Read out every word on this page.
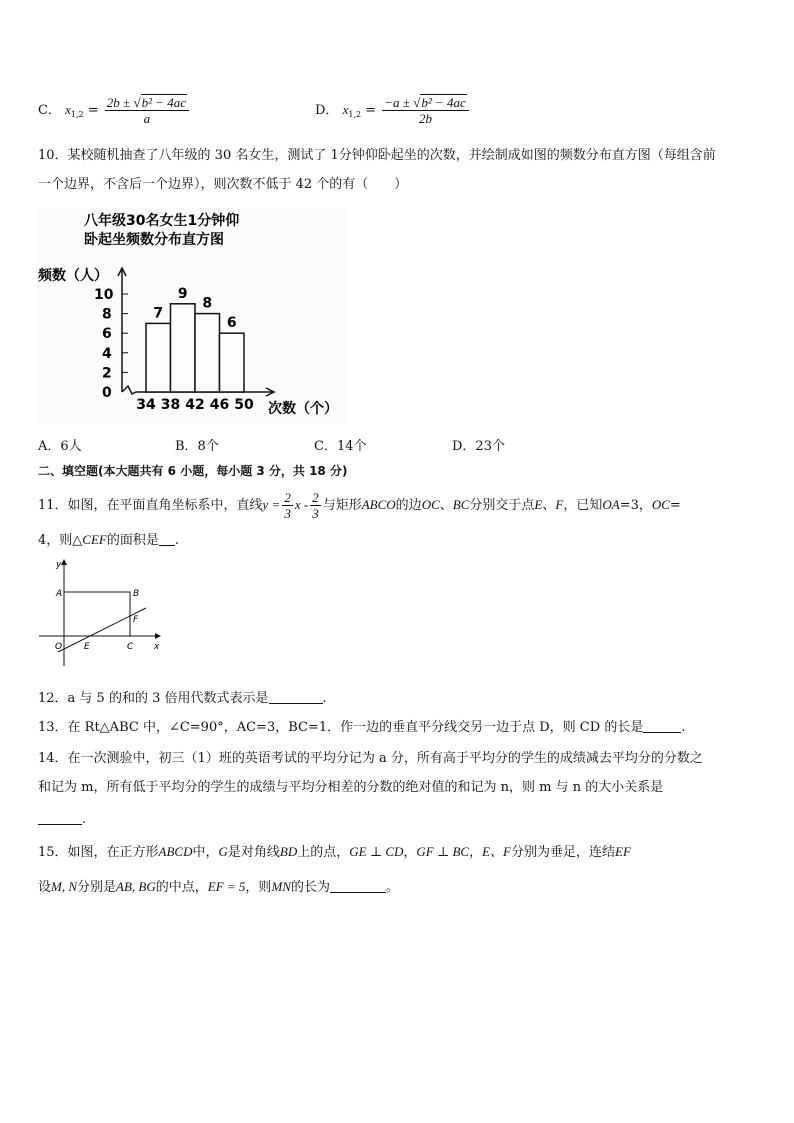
C． $x_{1,2} = \frac{\text{2b ± √b² − 4ac}}{a}$	D． $x_{1,2} = \frac{\text{−a ± √b² − 4ac}}{2b}$
10．某校随机抽查了八年级的 30 名女生，测试了 1分钟仰卧起坐的次数，并绘制成如图的频数分布直方图（每组含前
一个边界，不含后一个边界），则次数不低于 42 个的有（　　）
八年级30名女生1分钟仰
卧起坐频数分布直方图
频数（人）
次数（个）
7
9
8
6
0
2
4
6
8
10
34 38 42 46 50
A．6人	B．8个	C．14个	D．23个
二、填空题(本大题共有 6 小题，每小题 3 分，共 18 分)
11．如图，在平面直角坐标系中，直线$y = \frac{2}{3}$ x - $\frac{2}{3}$ 与矩形ABCO的边OC、BC分别交于点E、F，已知OA=3，OC=
4，则△CEF的面积是 .
y
x
A	B
F
O E	C
12．a 与 5 的和的 3 倍用代数式表示是	.
13．在 Rt△ABC 中，∠C=90°，AC=3，BC=1．作一边的垂直平分线交另一边于点 D，则 CD 的长是	.
14．在一次测验中，初三（1）班的英语考试的平均分记为 a 分，所有高于平均分的学生的成绩减去平均分的分数之
和记为 m，所有低于平均分的学生的成绩与平均分相差的分数的绝对值的和记为 n，则 m 与 n 的大小关系是
.
15．如图，在正方形ABCD中，G是对角线BD上的点，GE ⊥ CD，GF ⊥ BC，E、F分别为垂足，连结EF
设M, N分别是AB, BG的中点，EF = 5，则MN的长为	。
